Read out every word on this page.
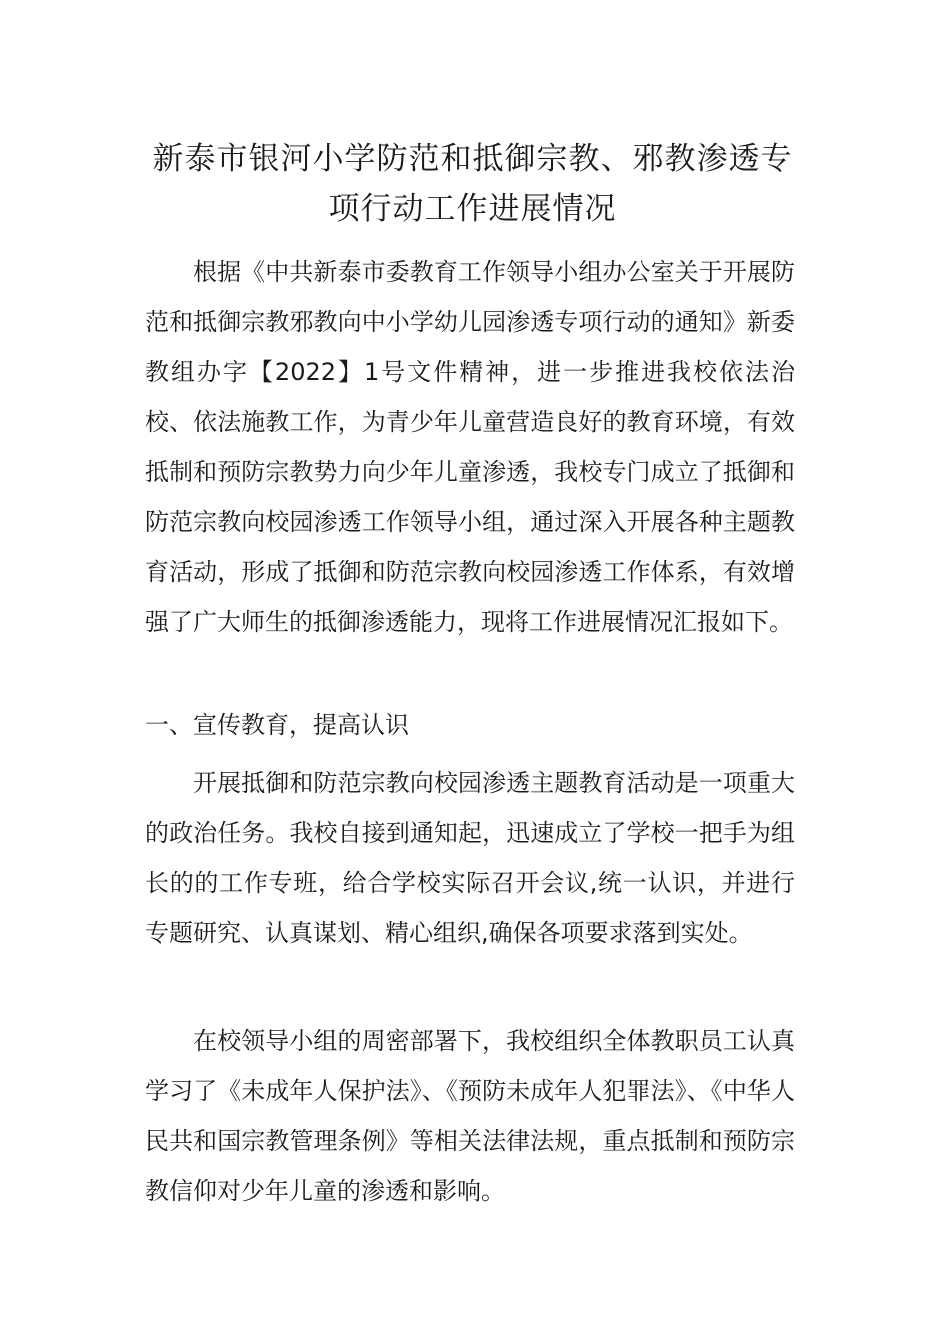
新泰市银河小学防范和抵御宗教、邪教渗透专项行动工作进展情况

根据《中共新泰市委教育工作领导小组办公室关于开展防范和抵御宗教邪教向中小学幼儿园渗透专项行动的通知》新委教组办字【2022】1号文件精神，进一步推进我校依法治校、依法施教工作，为青少年儿童营造良好的教育环境，有效抵制和预防宗教势力向少年儿童渗透，我校专门成立了抵御和防范宗教向校园渗透工作领导小组，通过深入开展各种主题教育活动，形成了抵御和防范宗教向校园渗透工作体系，有效增强了广大师生的抵御渗透能力，现将工作进展情况汇报如下。

一、宣传教育，提高认识

开展抵御和防范宗教向校园渗透主题教育活动是一项重大的政治任务。我校自接到通知起，迅速成立了学校一把手为组长的的工作专班，给合学校实际召开会议,统一认识，并进行专题研究、认真谋划、精心组织,确保各项要求落到实处。

在校领导小组的周密部署下，我校组织全体教职员工认真学习了《未成年人保护法》、《预防未成年人犯罪法》、《中华人民共和国宗教管理条例》等相关法律法规，重点抵制和预防宗教信仰对少年儿童的渗透和影响。
